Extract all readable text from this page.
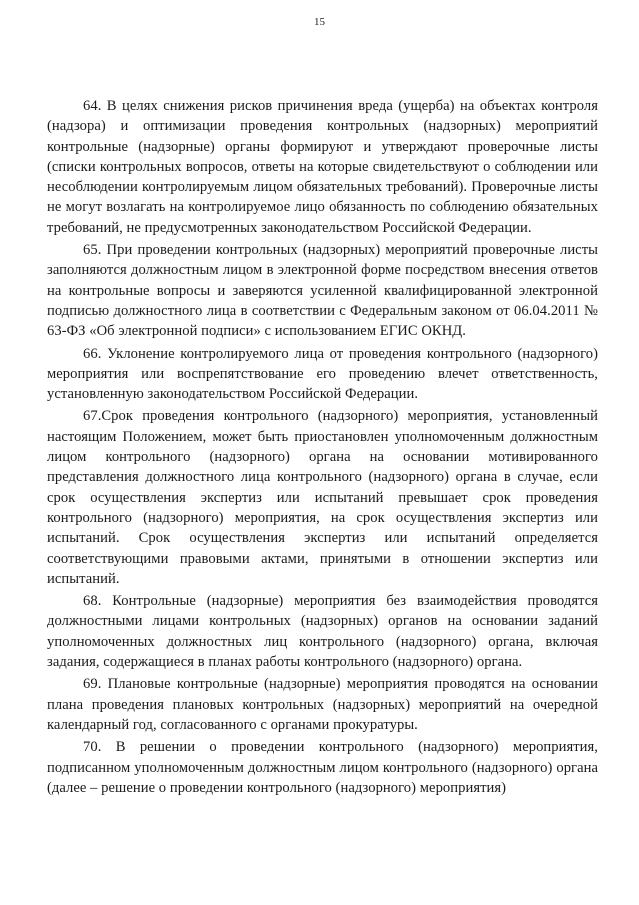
15

64. В целях снижения рисков причинения вреда (ущерба) на объектах контроля (надзора) и оптимизации проведения контрольных (надзорных) мероприятий контрольные (надзорные) органы формируют и утверждают проверочные листы (списки контрольных вопросов, ответы на которые свидетельствуют о соблюдении или несоблюдении контролируемым лицом обязательных требований). Проверочные листы не могут возлагать на контролируемое лицо обязанность по соблюдению обязательных требований, не предусмотренных законодательством Российской Федерации.

65. При проведении контрольных (надзорных) мероприятий проверочные листы заполняются должностным лицом в электронной форме посредством внесения ответов на контрольные вопросы и заверяются усиленной квалифицированной электронной подписью должностного лица в соответствии с Федеральным законом от 06.04.2011 № 63-ФЗ «Об электронной подписи» с использованием ЕГИС ОКНД.

66. Уклонение контролируемого лица от проведения контрольного (надзорного) мероприятия или воспрепятствование его проведению влечет ответственность, установленную законодательством Российской Федерации.

67.Срок проведения контрольного (надзорного) мероприятия, установленный настоящим Положением, может быть приостановлен уполномоченным должностным лицом контрольного (надзорного) органа на основании мотивированного представления должностного лица контрольного (надзорного) органа в случае, если срок осуществления экспертиз или испытаний превышает срок проведения контрольного (надзорного) мероприятия, на срок осуществления экспертиз или испытаний. Срок осуществления экспертиз или испытаний определяется соответствующими правовыми актами, принятыми в отношении экспертиз или испытаний.

68. Контрольные (надзорные) мероприятия без взаимодействия проводятся должностными лицами контрольных (надзорных) органов на основании заданий уполномоченных должностных лиц контрольного (надзорного) органа, включая задания, содержащиеся в планах работы контрольного (надзорного) органа.

69. Плановые контрольные (надзорные) мероприятия проводятся на основании плана проведения плановых контрольных (надзорных) мероприятий на очередной календарный год, согласованного с органами прокуратуры.

70. В решении о проведении контрольного (надзорного) мероприятия, подписанном уполномоченным должностным лицом контрольного (надзорного) органа (далее – решение о проведении контрольного (надзорного) мероприятия)
